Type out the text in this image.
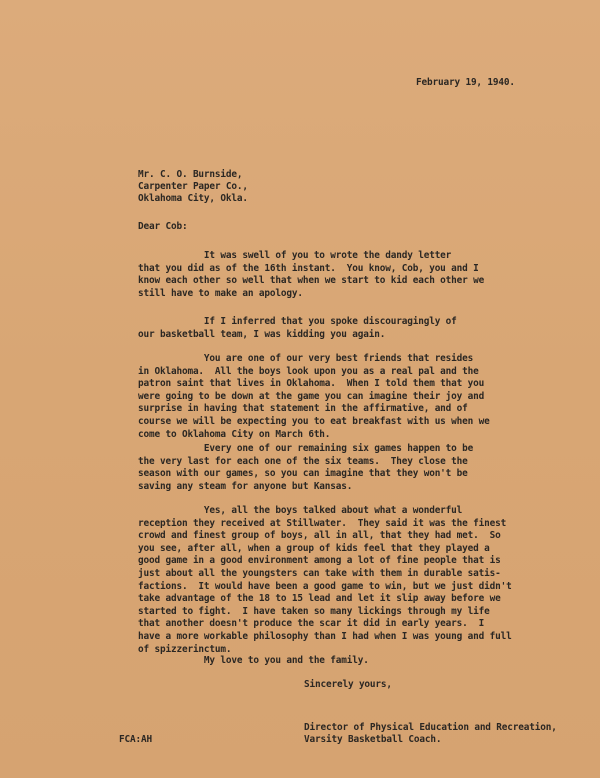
February 19, 1940.

Mr. C. O. Burnside,

Carpenter Paper Co.,

Oklahoma City, Okla.

Dear Cob:

It was swell of you to wrote the dandy letter
that you did as of the 16th instant.  You know, Cob, you and I
know each other so well that when we start to kid each other we
still have to make an apology.
If I inferred that you spoke discouragingly of
our basketball team, I was kidding you again.
You are one of our very best friends that resides
in Oklahoma.  All the boys look upon you as a real pal and the
patron saint that lives in Oklahoma.  When I told them that you
were going to be down at the game you can imagine their joy and
surprise in having that statement in the affirmative, and of
course we will be expecting you to eat breakfast with us when we
come to Oklahoma City on March 6th.
Every one of our remaining six games happen to be
the very last for each one of the six teams.  They close the
season with our games, so you can imagine that they won't be
saving any steam for anyone but Kansas.
Yes, all the boys talked about what a wonderful
reception they received at Stillwater.  They said it was the finest
crowd and finest group of boys, all in all, that they had met.  So
you see, after all, when a group of kids feel that they played a
good game in a good environment among a lot of fine people that is
just about all the youngsters can take with them in durable satis-
factions.  It would have been a good game to win, but we just didn't
take advantage of the 18 to 15 lead and let it slip away before we
started to fight.  I have taken so many lickings through my life
that another doesn't produce the scar it did in early years.  I
have a more workable philosophy than I had when I was young and full
of spizzerinctum.
My love to you and the family.

Sincerely yours,

Director of Physical Education and Recreation,

Varsity Basketball Coach.

FCA:AH
